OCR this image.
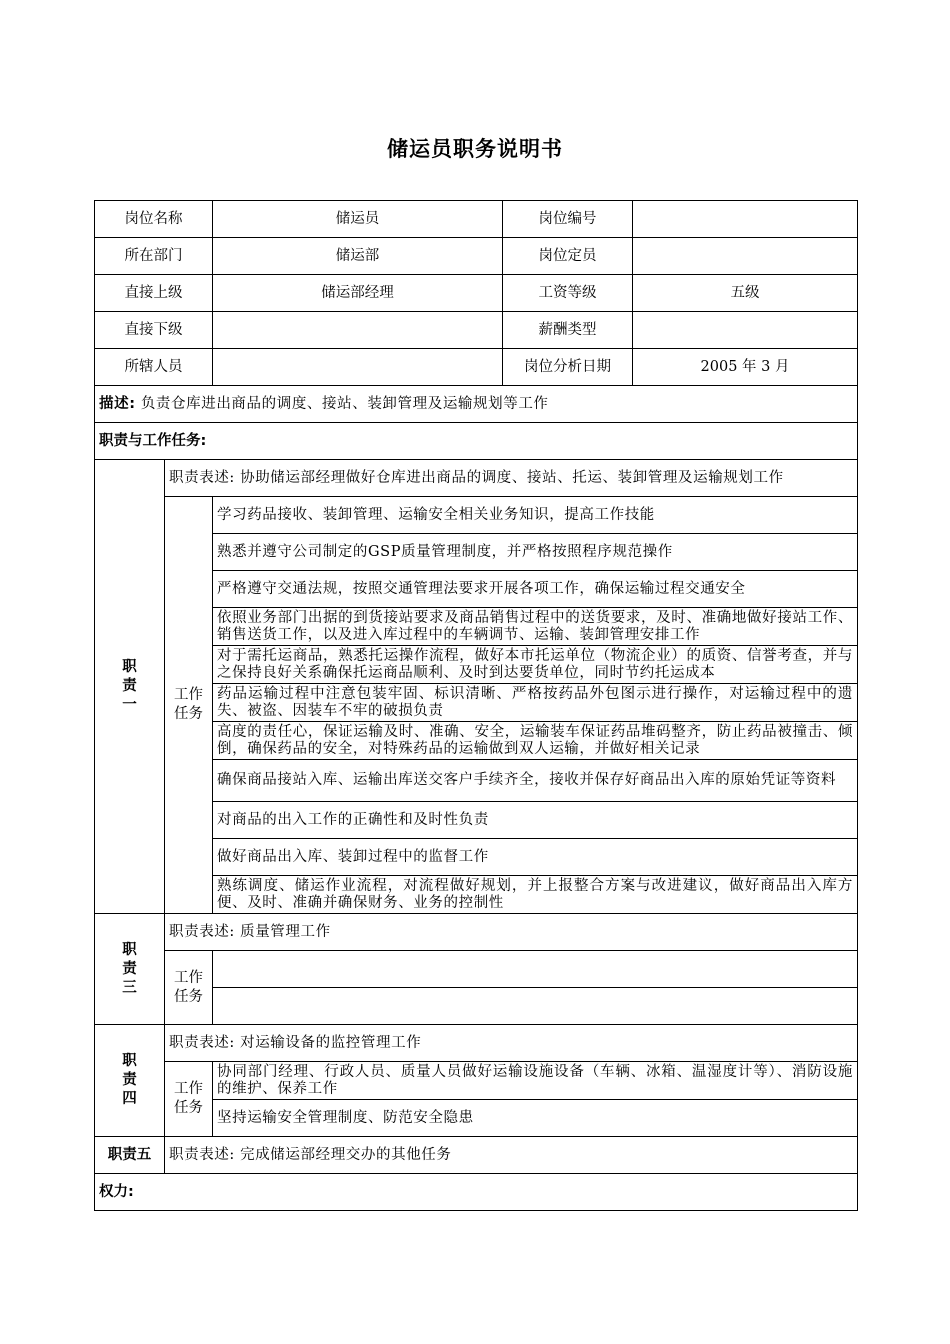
储运员职务说明书
岗位名称		储运员	岗位编号	
所在部门		储运部	岗位定员	
直接上级		储运部经理	工资等级	五级
直接下级			薪酬类型	
所辖人员			岗位分析日期	2005 年 3 月
描述: 负责仓库进出商品的调度、接站、装卸管理及运输规划等工作				
职责与工作任务:				

职
责
一	职责表述: 协助储运部经理做好仓库进出商品的调度、接站、托运、装卸管理及运输规划工作			

	工作
任务	学习药品接收、装卸管理、运输安全相关业务知识，提高工作技能		
		熟悉并遵守公司制定的GSP质量管理制度，并严格按照程序规范操作		
		严格遵守交通法规，按照交通管理法要求开展各项工作，确保运输过程交通安全		
		依照业务部门出据的到货接站要求及商品销售过程中的送货要求，及时、准确地做好接站工作、销售送货工作，以及进入库过程中的车辆调节、运输、装卸管理安排工作		
		对于需托运商品，熟悉托运操作流程，做好本市托运单位（物流企业）的质资、信誉考查，并与之保持良好关系确保托运商品顺利、及时到达要货单位，同时节约托运成本		
		药品运输过程中注意包装牢固、标识清晰、严格按药品外包图示进行操作，对运输过程中的遗失、被盗、因装车不牢的破损负责		
		高度的责任心，保证运输及时、准确、安全，运输装车保证药品堆码整齐，防止药品被撞击、倾倒，确保药品的安全，对特殊药品的运输做到双人运输，并做好相关记录		
		确保商品接站入库、运输出库送交客户手续齐全，接收并保存好商品出入库的原始凭证等资料		
		对商品的出入工作的正确性和及时性负责		
		做好商品出入库、装卸过程中的监督工作		
		熟练调度、储运作业流程，对流程做好规划，并上报整合方案与改进建议，做好商品出入库方便、及时、准确并确保财务、业务的控制性		

职
责
三	职责表述: 质量管理工作			

	工作
任务			

职
责
四	职责表述: 对运输设备的监控管理工作			

	工作
任务	协同部门经理、行政人员、质量人员做好运输设施设备（车辆、冰箱、温湿度计等）、消防设施的维护、保养工作		
		坚持运输安全管理制度、防范安全隐患		
职责五	职责表述: 完成储运部经理交办的其他任务			
权力:				
